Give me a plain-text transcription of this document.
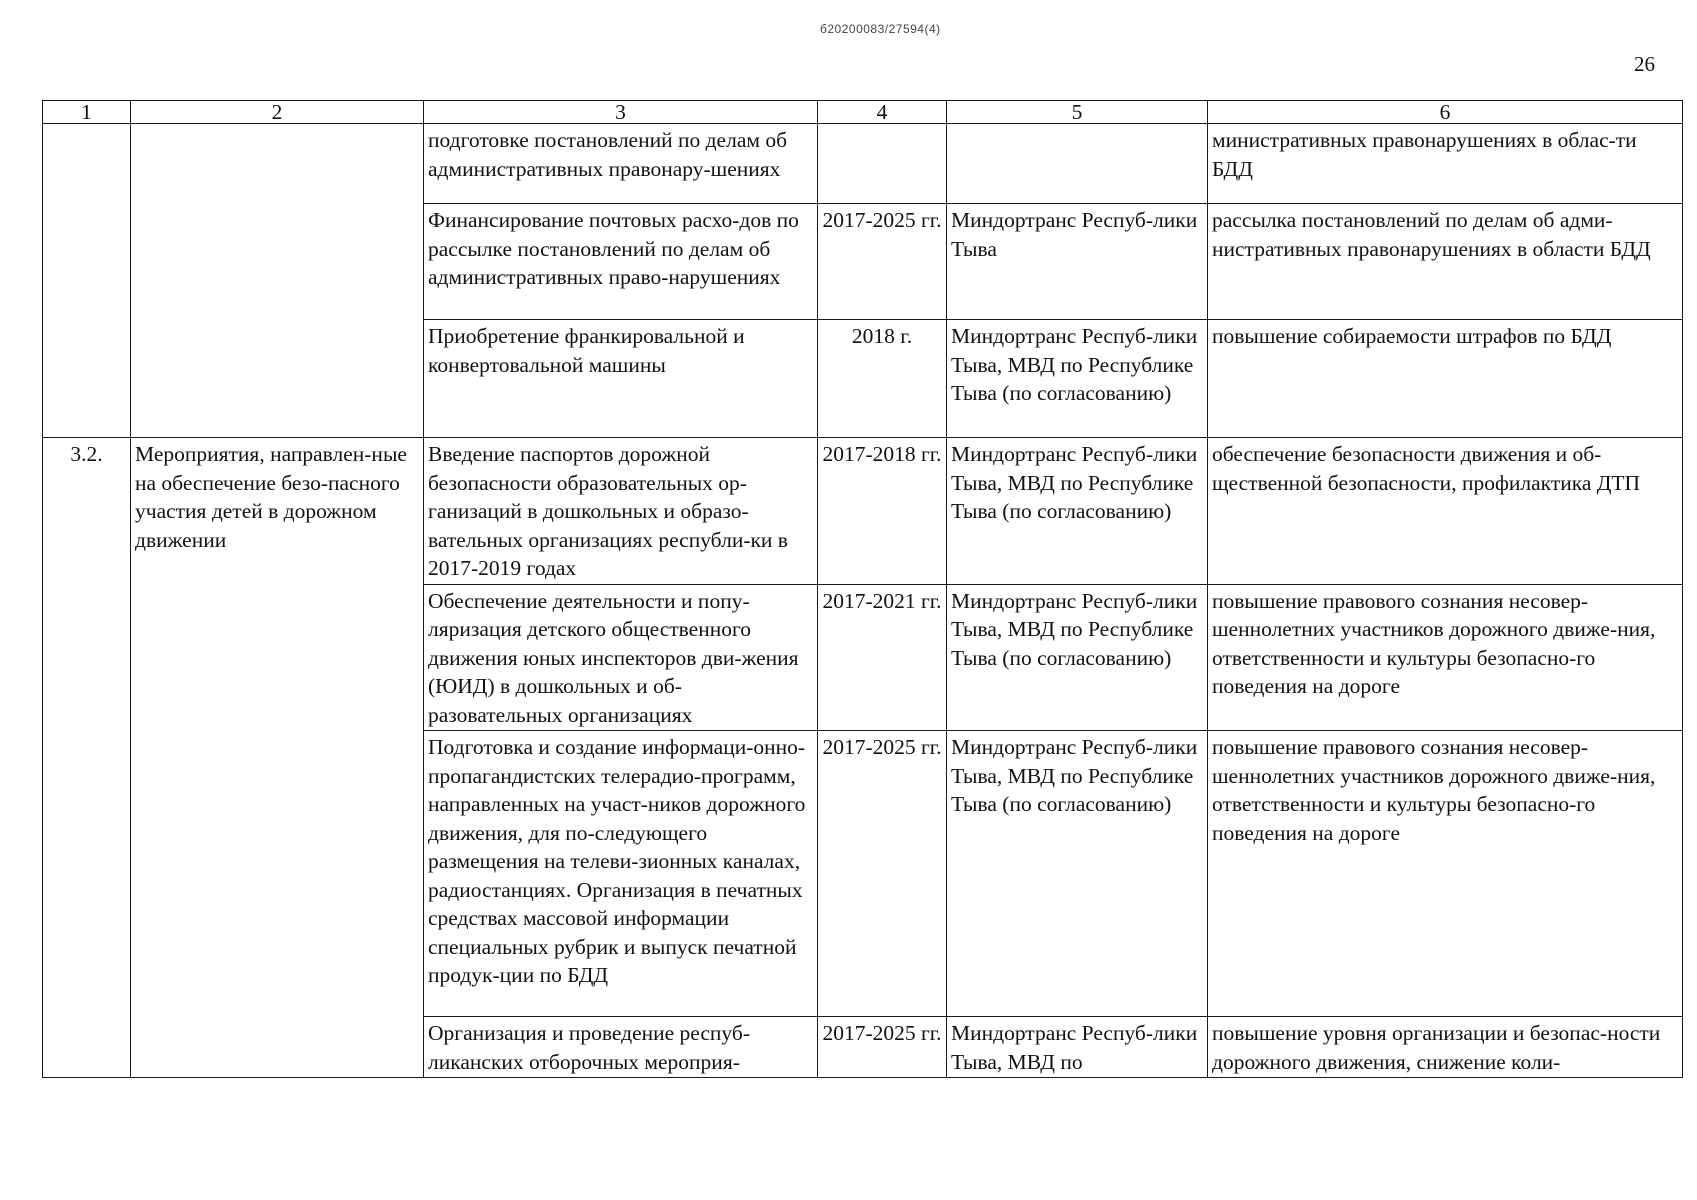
б20200083/27594(4)
26
1	2	3	4	5	6
		подготовке постановлений по делам об административных правонару-шениях			министративных правонарушениях в облас-ти БДД
		Финансирование почтовых расхо-дов по рассылке постановлений по делам об административных право-нарушениях	2017-2025 гг.	Миндортранс Респуб-лики Тыва	рассылка постановлений по делам об адми-нистративных правонарушениях в области БДД
		Приобретение франкировальной и конвертовальной машины	2018 г.	Миндортранс Респуб-лики Тыва, МВД по Республике Тыва (по согласованию)	повышение собираемости штрафов по БДД
3.2.	Мероприятия, направлен-ные на обеспечение безо-пасного участия детей в дорожном движении	Введение паспортов дорожной безопасности образовательных ор-ганизаций в дошкольных и образо-вательных организациях республи-ки в 2017-2019 годах	2017-2018 гг.	Миндортранс Респуб-лики Тыва, МВД по Республике Тыва (по согласованию)	обеспечение безопасности движения и об-щественной безопасности, профилактика ДТП
		Обеспечение деятельности и попу-ляризация детского общественного движения юных инспекторов дви-жения (ЮИД) в дошкольных и об-разовательных организациях	2017-2021 гг.	Миндортранс Респуб-лики Тыва, МВД по Республике Тыва (по согласованию)	повышение правового сознания несовер-шеннолетних участников дорожного движе-ния, ответственности и культуры безопасно-го поведения на дороге
		Подготовка и создание информаци-онно-пропагандистских телерадио-программ, направленных на участ-ников дорожного движения, для по-следующего размещения на телеви-зионных каналах, радиостанциях. Организация в печатных средствах массовой информации специальных рубрик и выпуск печатной продук-ции по БДД	2017-2025 гг.	Миндортранс Респуб-лики Тыва, МВД по Республике Тыва (по согласованию)	повышение правового сознания несовер-шеннолетних участников дорожного движе-ния, ответственности и культуры безопасно-го поведения на дороге
		Организация и проведение респуб-ликанских отборочных мероприя-	2017-2025 гг.	Миндортранс Респуб-лики Тыва, МВД по	повышение уровня организации и безопас-ности дорожного движения, снижение коли-
